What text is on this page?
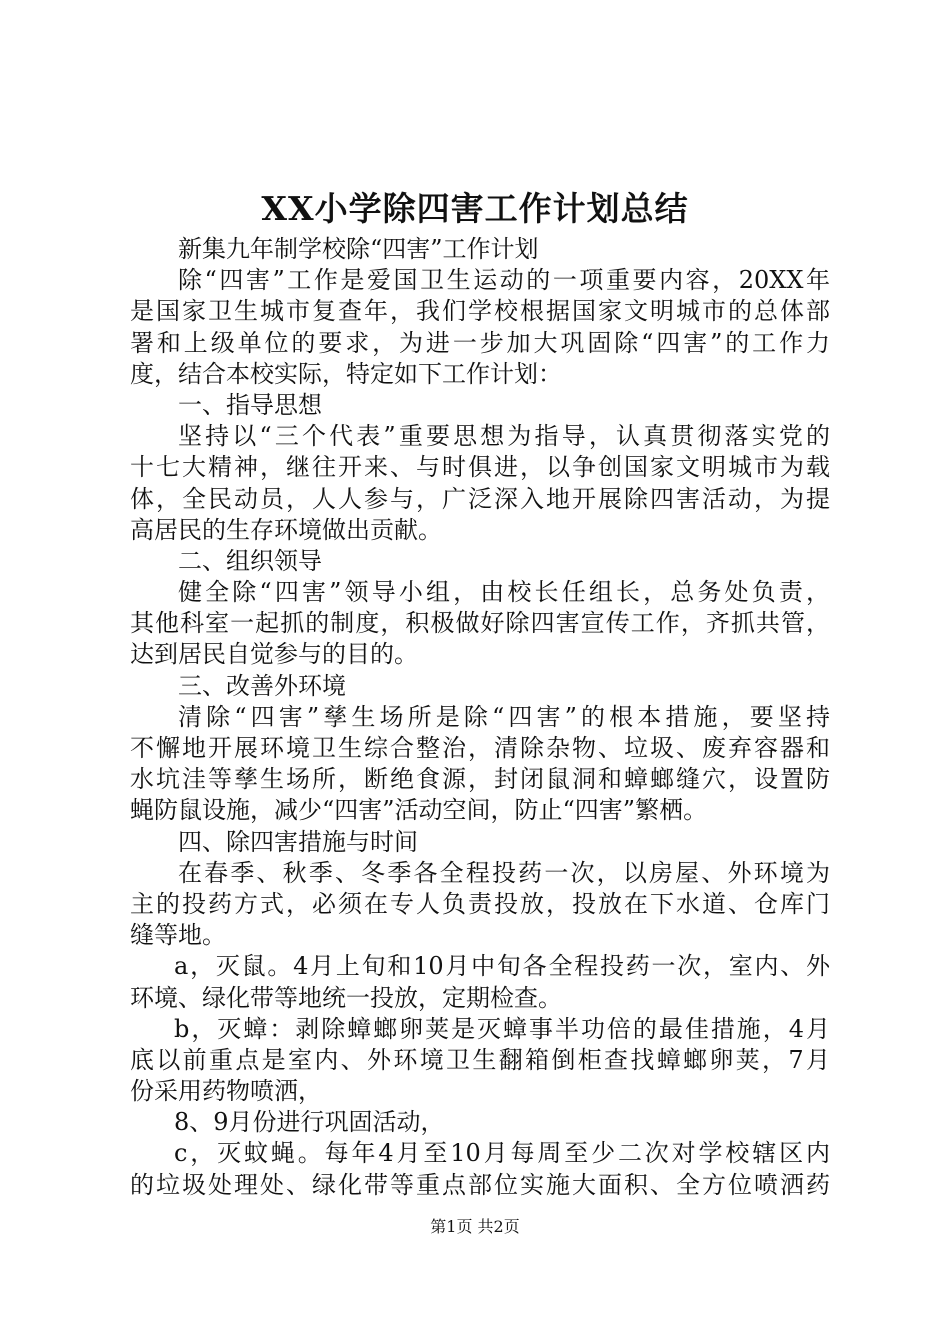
XX小学除四害工作计划总结

新集九年制学校除“四害”工作计划

除“四害”工作是爱国卫生运动的一项重要内容，20XX年

是国家卫生城市复查年，我们学校根据国家文明城市的总体部

署和上级单位的要求，为进一步加大巩固除“四害”的工作力

度，结合本校实际，特定如下工作计划：

一、指导思想

坚持以“三个代表”重要思想为指导，认真贯彻落实党的

十七大精神，继往开来、与时俱进，以争创国家文明城市为载

体，全民动员，人人参与，广泛深入地开展除四害活动，为提

高居民的生存环境做出贡献。

二、组织领导

健全除“四害”领导小组，由校长任组长，总务处负责，

其他科室一起抓的制度，积极做好除四害宣传工作，齐抓共管，

达到居民自觉参与的目的。

三、改善外环境

清除“四害”孳生场所是除“四害”的根本措施，要坚持

不懈地开展环境卫生综合整治，清除杂物、垃圾、废弃容器和

水坑洼等孳生场所，断绝食源，封闭鼠洞和蟑螂缝穴，设置防

蝇防鼠设施，减少“四害”活动空间，防止“四害”繁栖。

四、除四害措施与时间

在春季、秋季、冬季各全程投药一次，以房屋、外环境为

主的投药方式，必须在专人负责投放，投放在下水道、仓库门

缝等地。

a，灭鼠。4月上旬和10月中旬各全程投药一次，室内、外

环境、绿化带等地统一投放，定期检查。

b，灭蟑：剥除蟑螂卵荚是灭蟑事半功倍的最佳措施，4月

底以前重点是室内、外环境卫生翻箱倒柜查找蟑螂卵荚，7月

份采用药物喷洒，

8、9月份进行巩固活动，

c，灭蚊蝇。每年4月至10月每周至少二次对学校辖区内

的垃圾处理处、绿化带等重点部位实施大面积、全方位喷洒药

第1页 共2页
